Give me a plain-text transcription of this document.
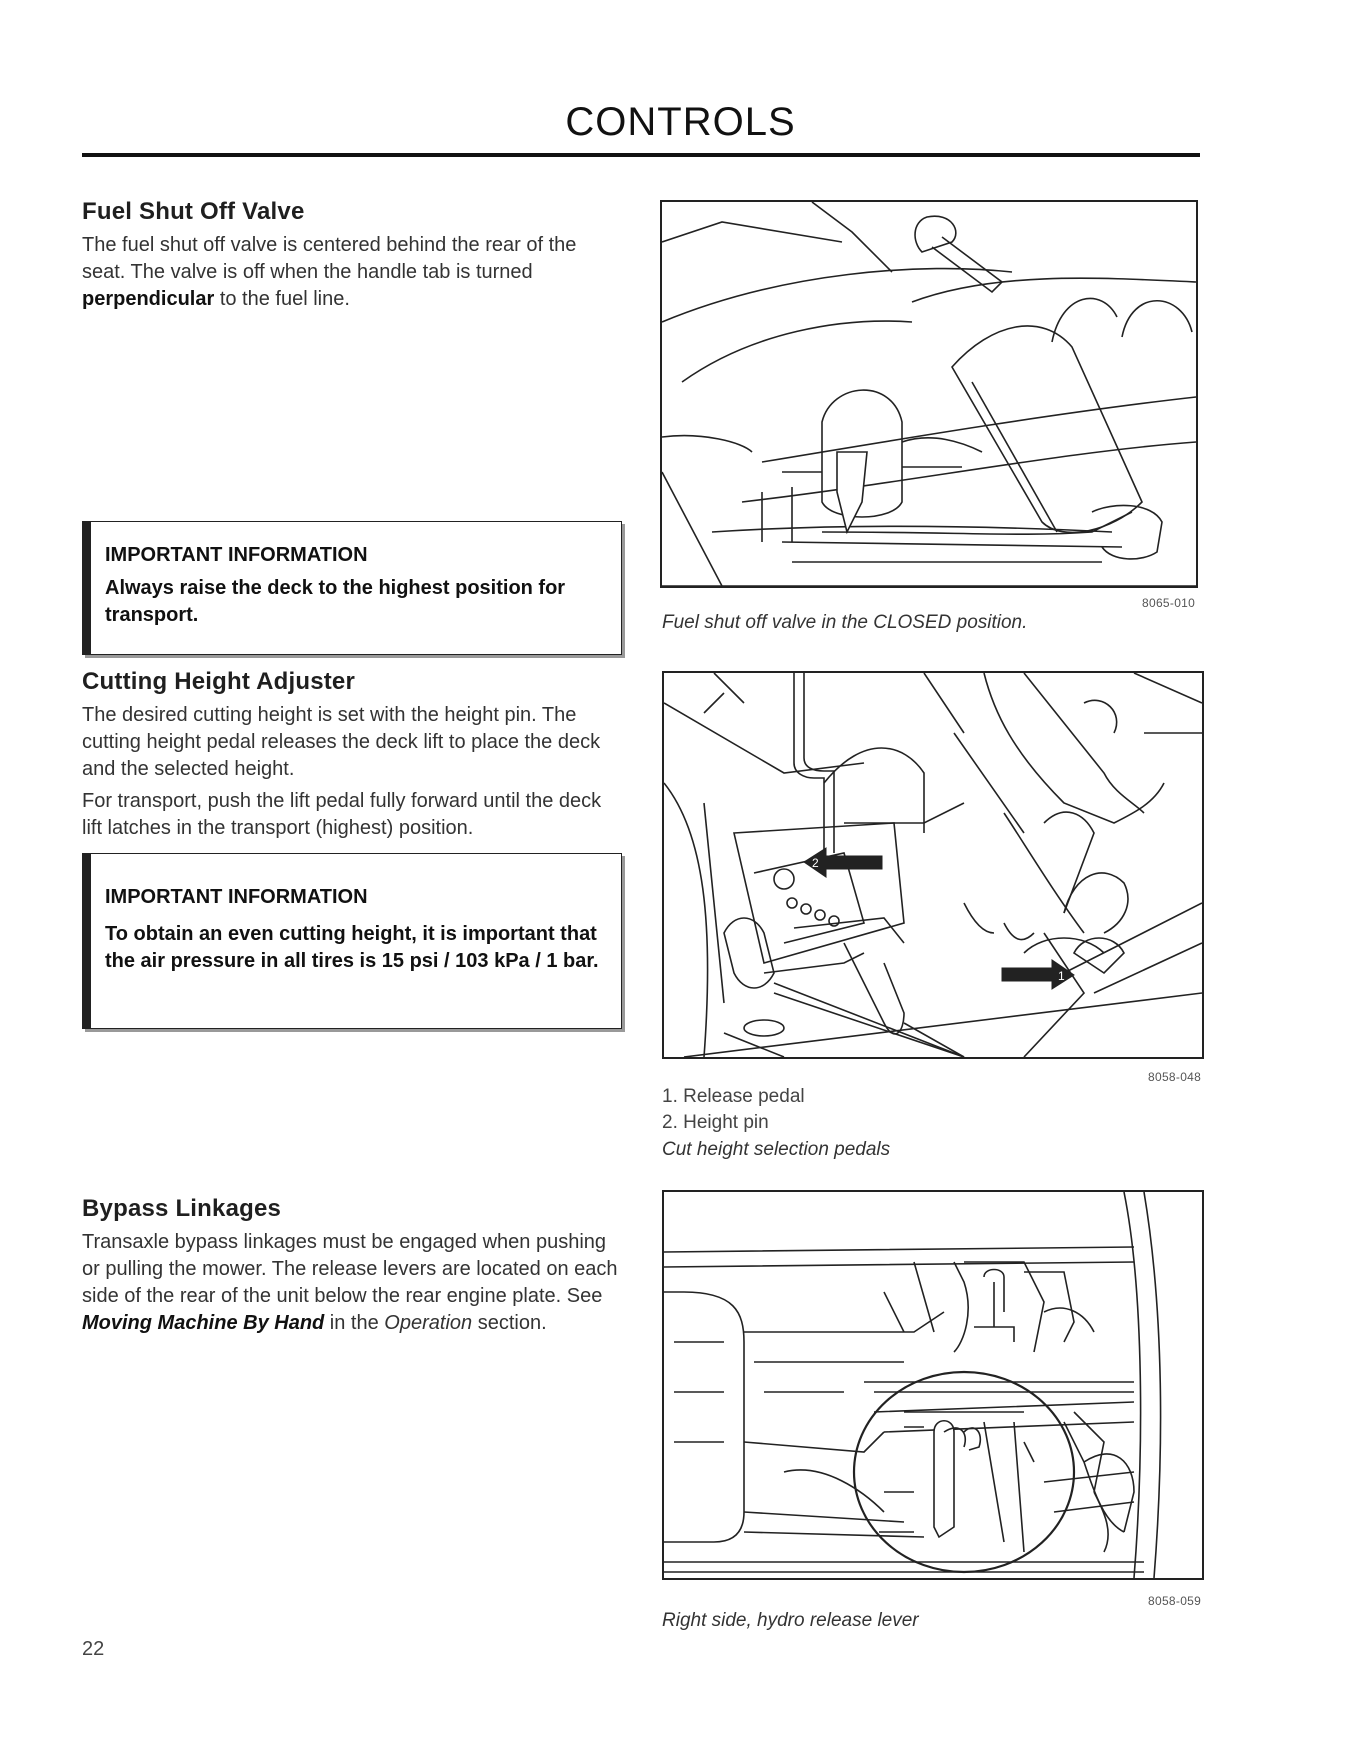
CONTROLS
Fuel Shut Off Valve

The fuel shut off valve is centered behind the rear of the seat. The valve is off when the handle tab is turned perpendicular to the fuel line.

IMPORTANT INFORMATION
Always raise the deck to the highest position for transport.
Cutting Height Adjuster

The desired cutting height is set with the height pin. The cutting height pedal releases the deck lift to place the deck and the selected height.

For transport, push the lift pedal fully forward until the deck lift latches in the transport (highest) position.

IMPORTANT INFORMATION
To obtain an even cutting height, it is important that the air pressure in all tires is 15 psi / 103 kPa / 1 bar.
Bypass Linkages

Transaxle bypass linkages must be engaged when pushing or pulling the mower. The release levers are located on each side of the rear of the unit below the rear engine plate. See Moving Machine By Hand in the Operation section.

8065-010
Fuel shut off valve in the CLOSED position.
2
1
8058-048
1. Release pedal
2. Height pin
Cut height selection pedals
8058-059
Right side, hydro release lever
22
